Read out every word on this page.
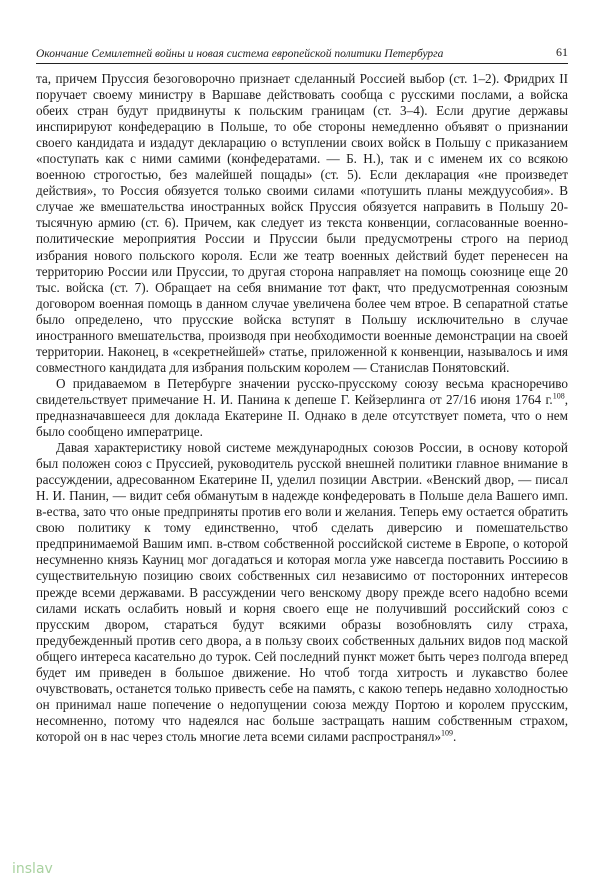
Окончание Семилетней войны и новая система европейской политики Петербурга	61

та, причем Пруссия безоговорочно признает сделанный Россией выбор (ст. 1–2). Фридрих II поручает своему министру в Варшаве действовать сообща с русскими послами, а войска обеих стран будут придвинуты к польским границам (ст. 3–4). Если другие державы инспирируют конфедерацию в Польше, то обе стороны немедленно объявят о признании своего кандидата и издадут декларацию о вступлении своих войск в Польшу с приказанием «поступать как с ними самими (конфедератами. — Б. Н.), так и с именем их со всякою военною строгостью, без малейшей пощады» (ст. 5). Если декларация «не произведет действия», то Россия обязуется только своими силами «потушить планы междуусобия». В случае же вмешательства иностранных войск Пруссия обязуется направить в Польшу 20-тысячную армию (ст. 6). Причем, как следует из текста конвенции, согласованные военно-политические мероприятия России и Пруссии были предусмотрены строго на период избрания нового польского короля. Если же театр военных действий будет перенесен на территорию России или Пруссии, то другая сторона направляет на помощь союзнице еще 20 тыс. войска (ст. 7). Обращает на себя внимание тот факт, что предусмотренная союзным договором военная помощь в данном случае увеличена более чем втрое. В сепаратной статье было определено, что прусские войска вступят в Польшу исключительно в случае иностранного вмешательства, производя при необходимости военные демонстрации на своей территории. Наконец, в «секретнейшей» статье, приложенной к конвенции, называлось и имя совместного кандидата для избрания польским королем — Станислав Понятовский.

О придаваемом в Петербурге значении русско-прусскому союзу весьма красноречиво свидетельствует примечание Н. И. Панина к депеше Г. Кейзерлинга от 27/16 июня 1764 г.$^{108}$, предназначавшееся для доклада Екатерине II. Однако в деле отсутствует помета, что о нем было сообщено императрице.

Давая характеристику новой системе международных союзов России, в основу которой был положен союз с Пруссией, руководитель русской внешней политики главное внимание в рассуждении, адресованном Екатерине II, уделил позиции Австрии. «Венский двор, — писал Н. И. Панин, — видит себя обманутым в надежде конфедеровать в Польше дела Вашего имп. в-ества, зато что оные предприняты против его воли и желания. Теперь ему остается обратить свою политику к тому единственно, чтоб сделать диверсию и помешательство предпринимаемой Вашим имп. в-ством собственной российской системе в Европе, о которой несумненно князь Кауниц мог догадаться и которая могла уже навсегда поставить Россиию в существительную позицию своих собственных сил независимо от посторонних интересов прежде всеми державами. В рассуждении чего венскому двору прежде всего надобно всеми силами искать ослабить новый и корня своего еще не получивший российский союз с прусским двором, стараться будут всякими образы возобновлять силу страха, предубежденный против сего двора, а в пользу своих собственных дальних видов под маской общего интереса касательно до турок. Сей последний пункт может быть через полгода вперед будет им приведен в большое движение. Но чтоб тогда хитрость и лукавство более очувствовать, останется только привесть себе на память, с какою теперь недавно холодностью он принимал наше попечение о недопущении союза между Портою и королем прусским, несомненно, потому что надеялся нас больше застращать нашим собственным страхом, которой он в нас через столь многие лета всеми силами распространял»$^{109}$.

inslav
